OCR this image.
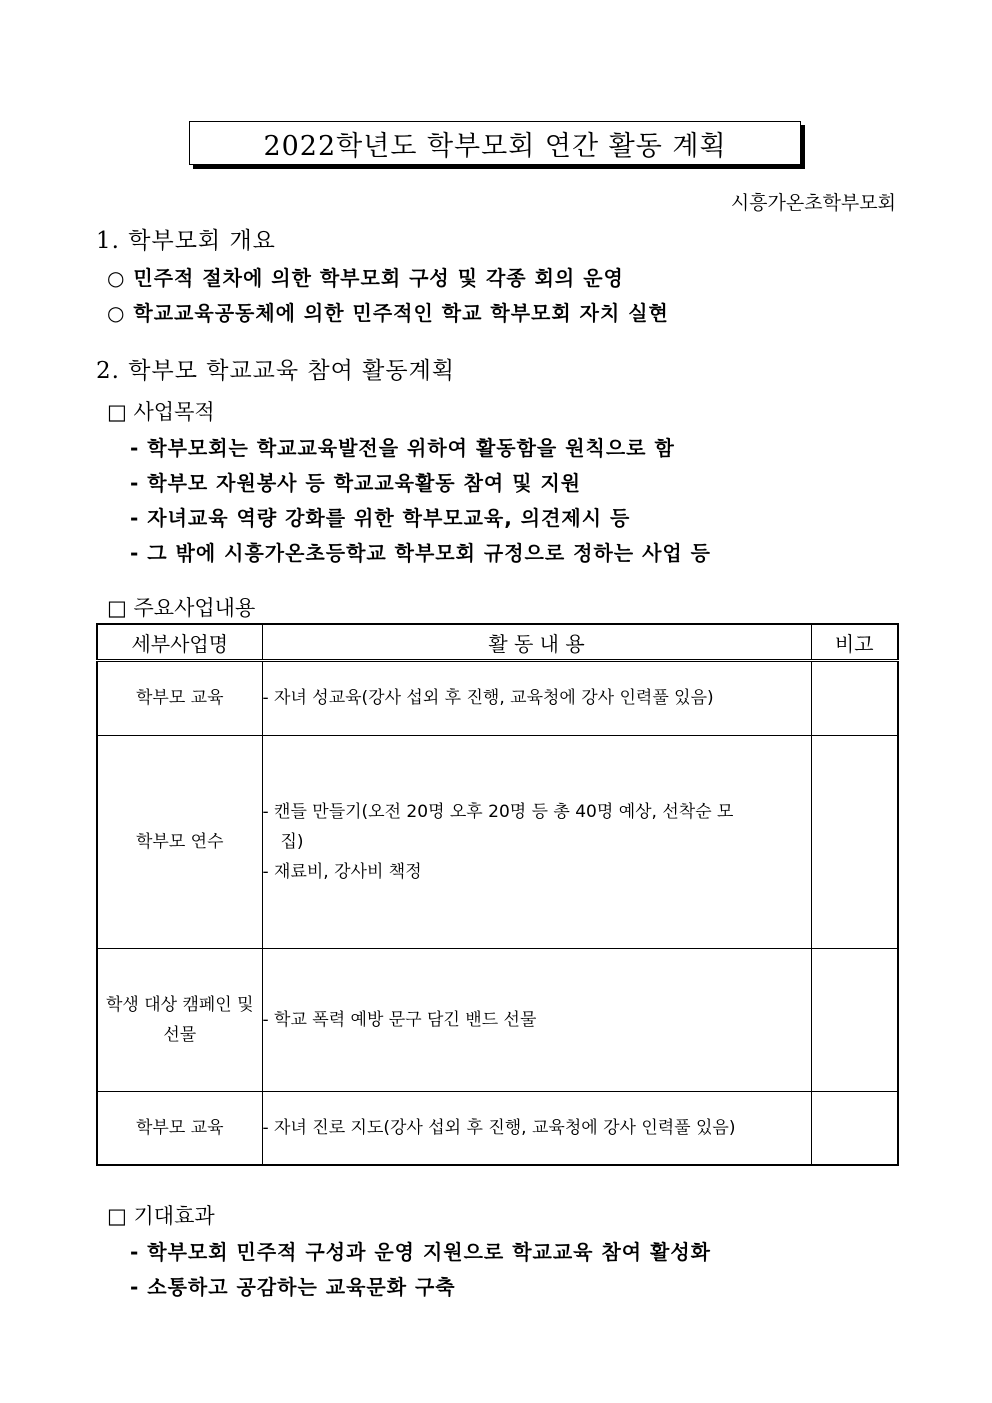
2022학년도 학부모회 연간 활동 계획
시흥가온초학부모회
1. 학부모회 개요
○ 민주적 절차에 의한 학부모회 구성 및 각종 회의 운영
○ 학교교육공동체에 의한 민주적인 학교 학부모회 자치 실현
2. 학부모 학교교육 참여 활동계획
□ 사업목적
- 학부모회는 학교교육발전을 위하여 활동함을 원칙으로 함
- 학부모 자원봉사 등 학교교육활동 참여 및 지원
- 자녀교육 역량 강화를 위한 학부모교육, 의견제시 등
- 그 밖에 시흥가온초등학교 학부모회 규정으로 정하는 사업 등
□ 주요사업내용
세부사업명	활 동 내 용	비고
학부모 교육	- 자녀 성교육(강사 섭외 후 진행, 교육청에 강사 인력풀 있음)	

학부모 연수	- 캔들 만들기(오전 20명 오후 20명 등 총 40명 예상, 선착순 모
집)
- 재료비, 강사비 책정	

학생 대상 캠페인 및 선물	- 학교 폭력 예방 문구 담긴 밴드 선물	

학부모 교육	- 자녀 진로 지도(강사 섭외 후 진행, 교육청에 강사 인력풀 있음)	

□ 기대효과
- 학부모회 민주적 구성과 운영 지원으로 학교교육 참여 활성화
- 소통하고 공감하는 교육문화 구축
